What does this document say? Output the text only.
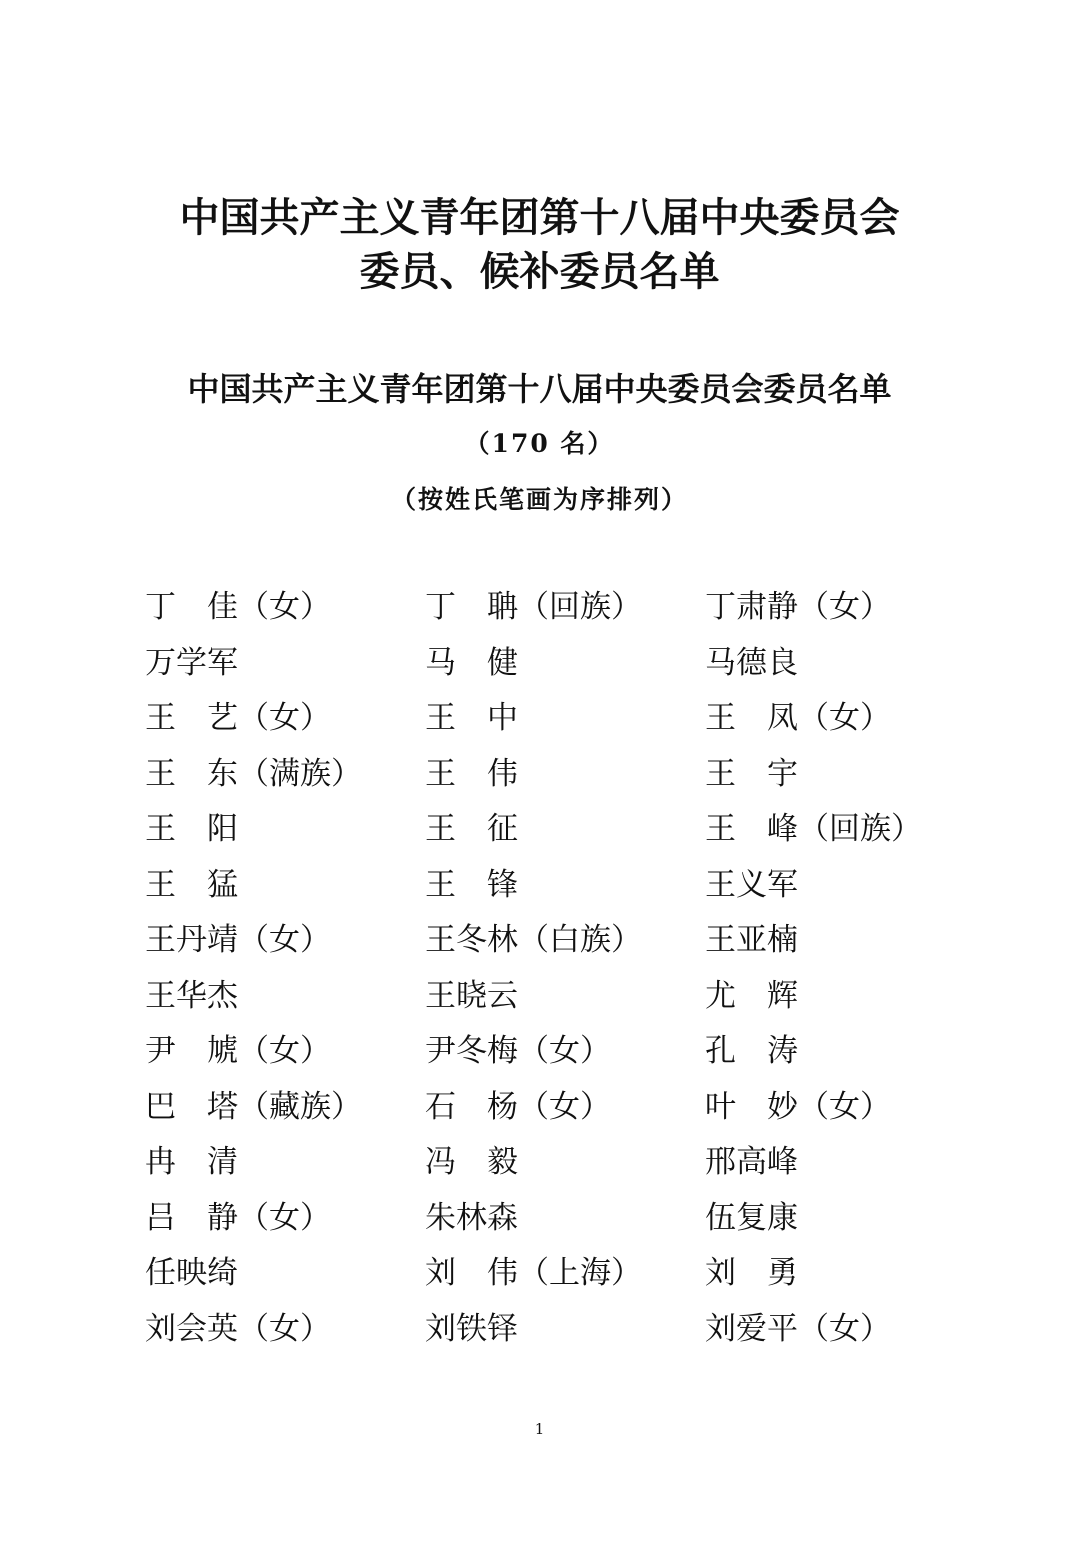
中国共产主义青年团第十八届中央委员会
委员、候补委员名单
中国共产主义青年团第十八届中央委员会委员名单
（170 名）
（按姓氏笔画为序排列）
丁　佳（女）	丁　聃（回族）	丁肃静（女）
万学军	马　健	马德良
王　艺（女）	王　中	王　凤（女）
王　东（满族）	王　伟	王　宇
王　阳	王　征	王　峰（回族）
王　猛	王　锋	王义军
王丹靖（女）	王冬林（白族）	王亚楠
王华杰	王晓云	尤　辉
尹　虓（女）	尹冬梅（女）	孔　涛
巴　塔（藏族）	石　杨（女）	叶　妙（女）
冉　清	冯　毅	邢高峰
吕　静（女）	朱林森	伍复康
任映绮	刘　伟（上海）	刘　勇
刘会英（女）	刘铁铎	刘爱平（女）
1
